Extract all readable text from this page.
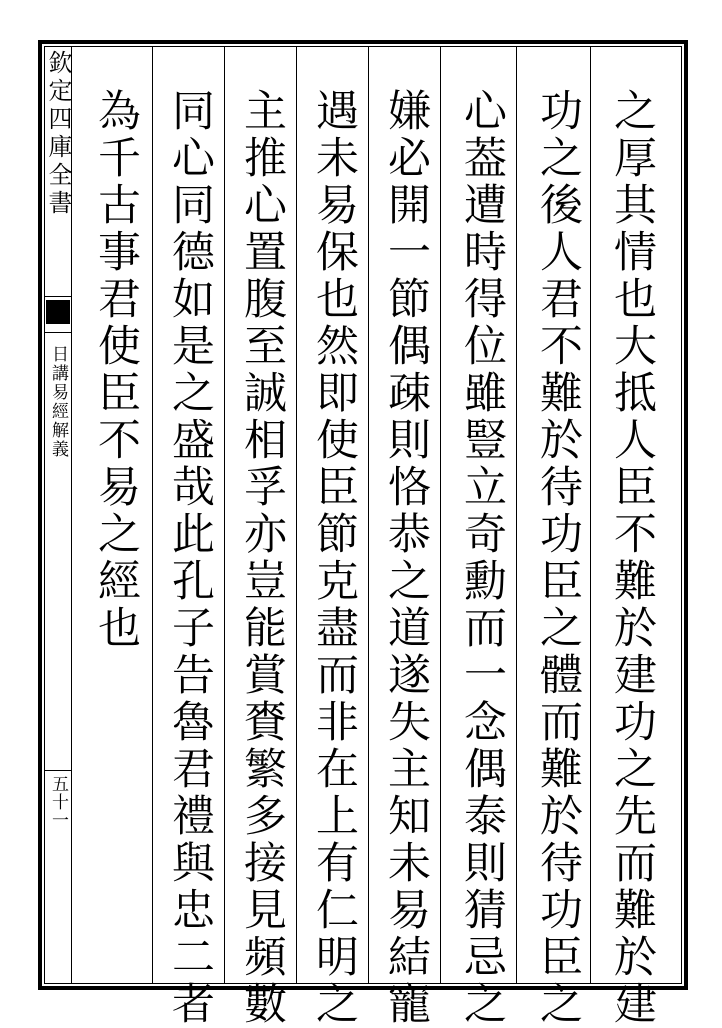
欽定四庫全書
日講易經解義
五十一	之厚其情也大抵人臣不難於建功之先而難於建
功之後人君不難於待功臣之體而難於待功臣之
心葢遭時得位雖豎立奇勳而一念偶泰則猜忌之
嫌必開一節偶疎則恪恭之道遂失主知未易結寵
遇未易保也然即使臣節克盡而非在上有仁明之
主推心置腹至誠相孚亦豈能賞賚繁多接見頻數
同心同德如是之盛哉此孔子告魯君禮與忠二者
為千古事君使臣不易之經也
